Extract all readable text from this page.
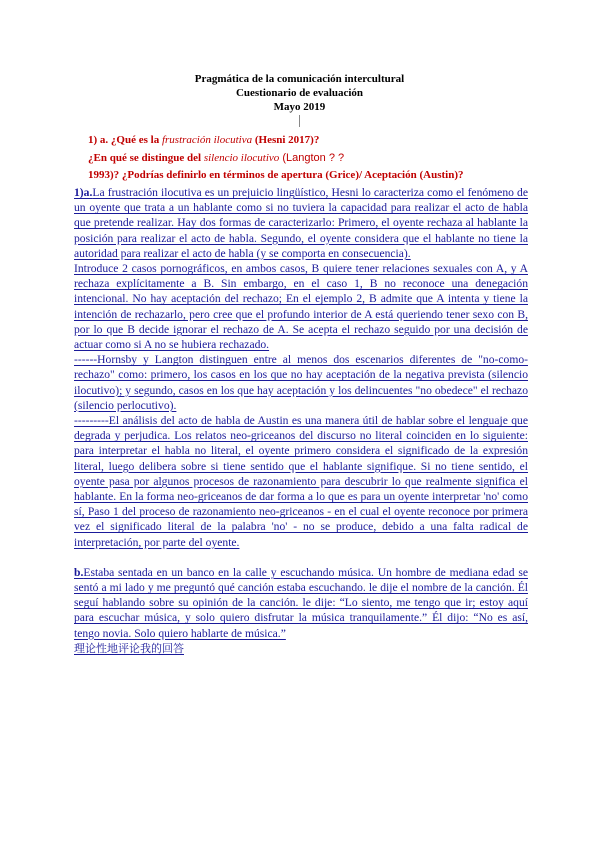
Pragmática de la comunicación intercultural
Cuestionario de evaluación
Mayo 2019
1) a. ¿Qué es la frustración ilocutiva (Hesni 2017)?
¿En qué se distingue del silencio ilocutivo (Langton ? ?
1993)? ¿Podrías definirlo en términos de apertura (Grice)/ Aceptación (Austin)?

1)a.La frustración ilocutiva es un prejuicio lingüístico, Hesni lo caracteriza como el fenómeno de un oyente que trata a un hablante como si no tuviera la capacidad para realizar el acto de habla que pretende realizar. Hay dos formas de caracterizarlo: Primero, el oyente rechaza al hablante la posición para realizar el acto de habla. Segundo, el oyente considera que el hablante no tiene la autoridad para realizar el acto de habla (y se comporta en consecuencia).

Introduce 2 casos pornográficos, en ambos casos, B quiere tener relaciones sexuales con A, y A rechaza explícitamente a B. Sin embargo, en el caso 1, B no reconoce una denegación intencional. No hay aceptación del rechazo; En el ejemplo 2, B admite que A intenta y tiene la intención de rechazarlo, pero cree que el profundo interior de A está queriendo tener sexo con B, por lo que B decide ignorar el rechazo de A. Se acepta el rechazo seguido por una decisión de actuar como si A no se hubiera rechazado.

------Hornsby y Langton distinguen entre al menos dos escenarios diferentes de "no-como-rechazo" como: primero, los casos en los que no hay aceptación de la negativa prevista (silencio ilocutivo); y segundo, casos en los que hay aceptación y los delincuentes "no obedece" el rechazo (silencio perlocutivo).

---------El análisis del acto de habla de Austin es una manera útil de hablar sobre el lenguaje que degrada y perjudica. Los relatos neo-griceanos del discurso no literal coinciden en lo siguiente: para interpretar el habla no literal, el oyente primero considera el significado de la expresión literal, luego delibera sobre si tiene sentido que el hablante signifique. Si no tiene sentido, el oyente pasa por algunos procesos de razonamiento para descubrir lo que realmente significa el hablante. En la forma neo-griceanos de dar forma a lo que es para un oyente interpretar 'no' como sí, Paso 1 del proceso de razonamiento neo-griceanos - en el cual el oyente reconoce por primera vez el significado literal de la palabra 'no' - no se produce, debido a una falta radical de interpretación, por parte del oyente.

b.Estaba sentada en un banco en la calle y escuchando música. Un hombre de mediana edad se sentó a mi lado y me preguntó qué canción estaba escuchando. le dije el nombre de la canción. Él seguí hablando sobre su opinión de la canción. le dije: “Lo siento, me tengo que ir; estoy aquí para escuchar música, y solo quiero disfrutar la música tranquilamente.” Él dijo: “No es así, tengo novia. Solo quiero hablarte de música.”

理论性地评论我的回答
